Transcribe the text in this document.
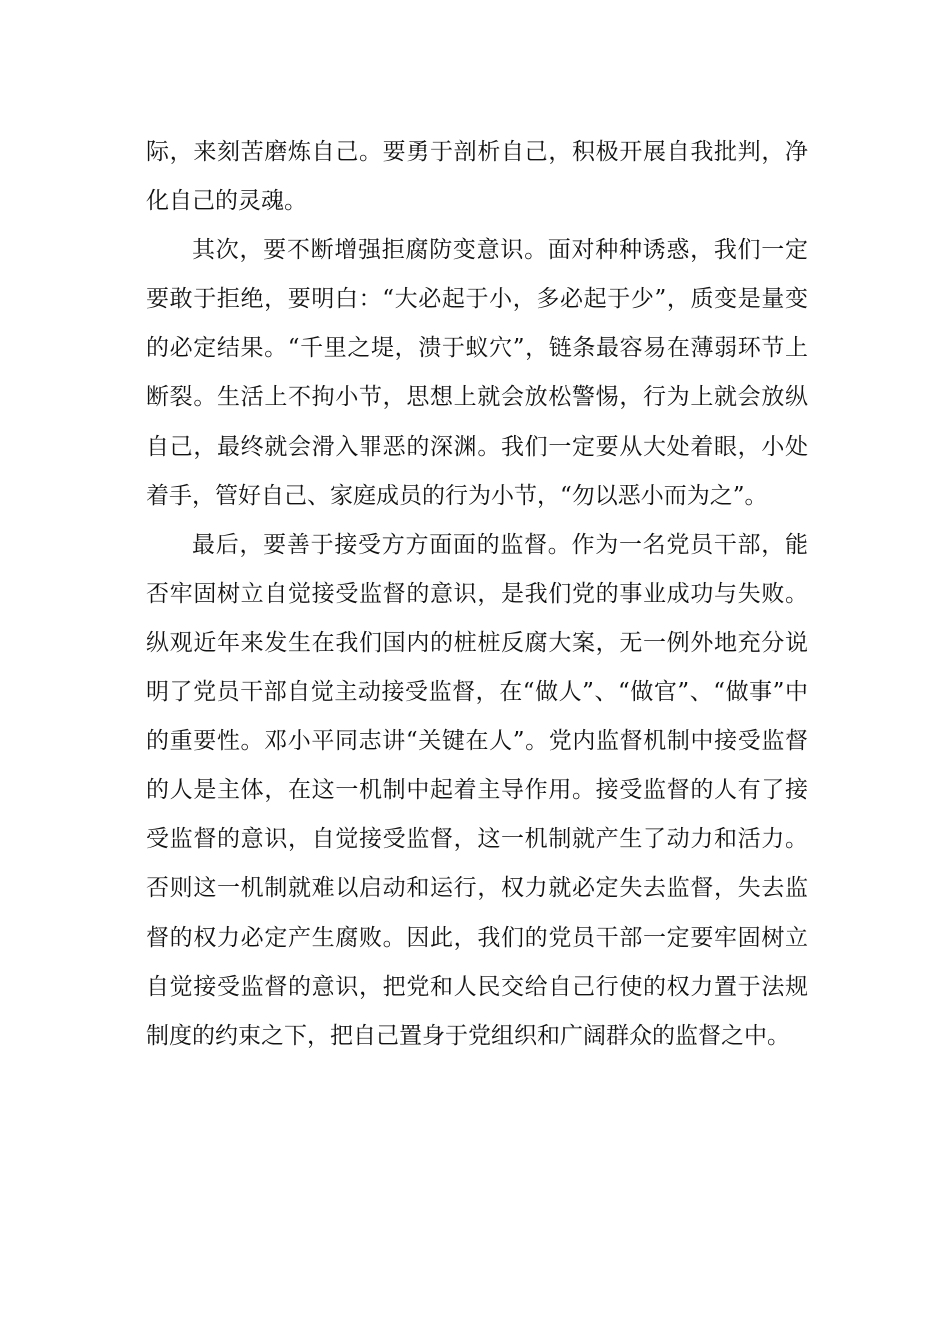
际，来刻苦磨炼自己。要勇于剖析自己，积极开展自我批判，净化自己的灵魂。

其次，要不断增强拒腐防变意识。面对种种诱惑，我们一定要敢于拒绝，要明白：“大必起于小，多必起于少”，质变是量变的必定结果。“千里之堤，溃于蚁穴”，链条最容易在薄弱环节上断裂。生活上不拘小节，思想上就会放松警惕，行为上就会放纵自己，最终就会滑入罪恶的深渊。我们一定要从大处着眼，小处着手，管好自己、家庭成员的行为小节，“勿以恶小而为之”。

最后，要善于接受方方面面的监督。作为一名党员干部，能否牢固树立自觉接受监督的意识，是我们党的事业成功与失败。纵观近年来发生在我们国内的桩桩反腐大案，无一例外地充分说明了党员干部自觉主动接受监督，在“做人”、“做官”、“做事”中的重要性。邓小平同志讲“关键在人”。党内监督机制中接受监督的人是主体，在这一机制中起着主导作用。接受监督的人有了接受监督的意识，自觉接受监督，这一机制就产生了动力和活力。否则这一机制就难以启动和运行，权力就必定失去监督，失去监督的权力必定产生腐败。因此，我们的党员干部一定要牢固树立自觉接受监督的意识，把党和人民交给自己行使的权力置于法规制度的约束之下，把自己置身于党组织和广阔群众的监督之中。
